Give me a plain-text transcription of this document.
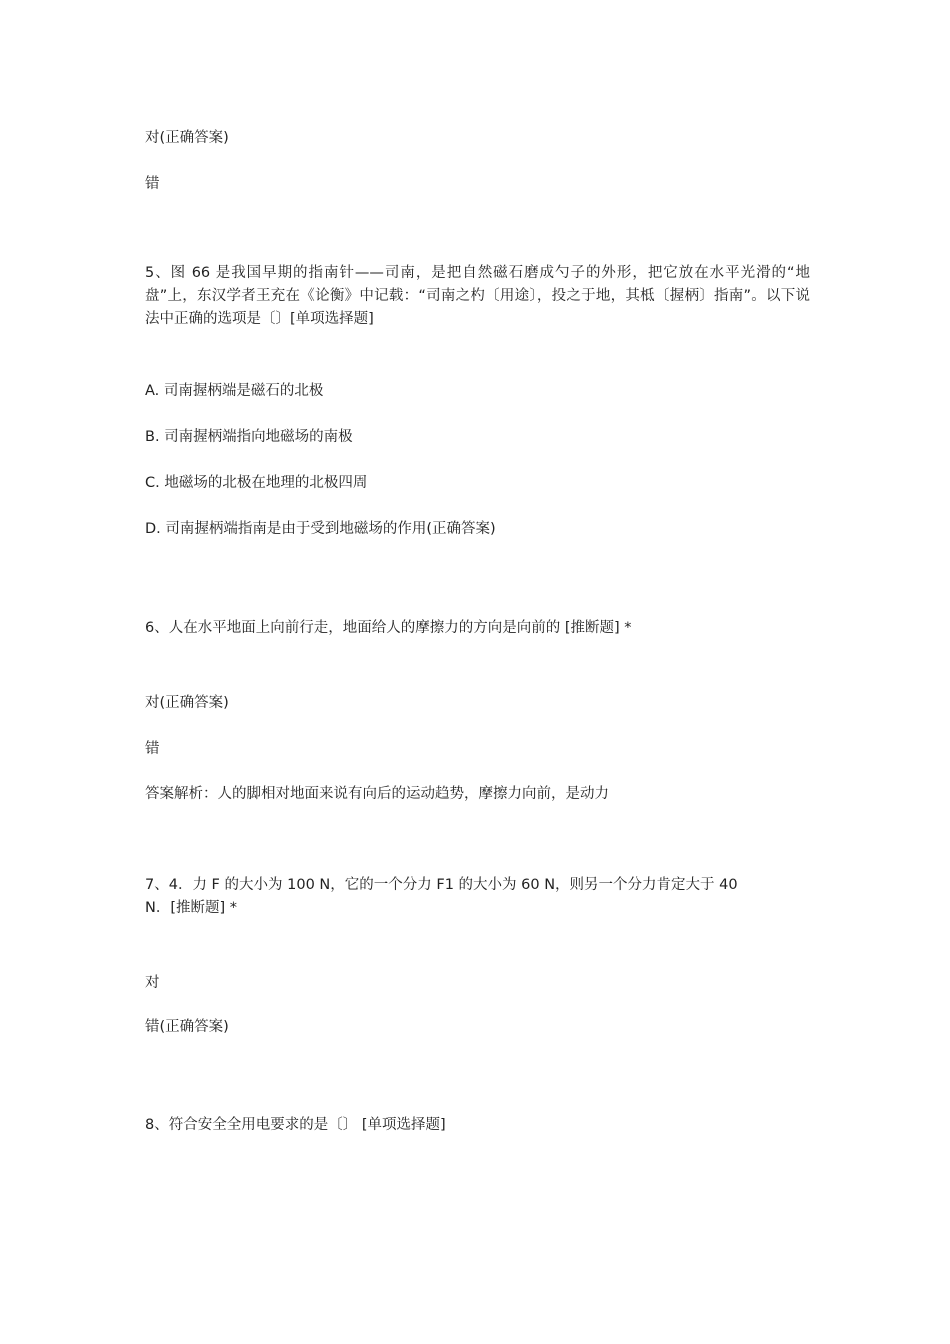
对(正确答案)
错
5、图 66 是我国早期的指南针——司南，是把自然磁石磨成勺子的外形，把它放在水平光滑的“地盘”上，东汉学者王充在《论衡》中记载：“司南之杓〔用途〕，投之于地，其柢〔握柄〕指南”。以下说法中正确的选项是〔〕[单项选择题]
A. 司南握柄端是磁石的北极
B. 司南握柄端指向地磁场的南极
C. 地磁场的北极在地理的北极四周
D. 司南握柄端指南是由于受到地磁场的作用(正确答案)
6、人在水平地面上向前行走，地面给人的摩擦力的方向是向前的 [推断题] *
对(正确答案)
错
答案解析：人的脚相对地面来说有向后的运动趋势，摩擦力向前，是动力
7、4．力 F 的大小为 100 N，它的一个分力 F1 的大小为 60 N，则另一个分力肯定大于 40
N．[推断题] *
对
错(正确答案)
8、符合安全全用电要求的是〔〕 [单项选择题]
